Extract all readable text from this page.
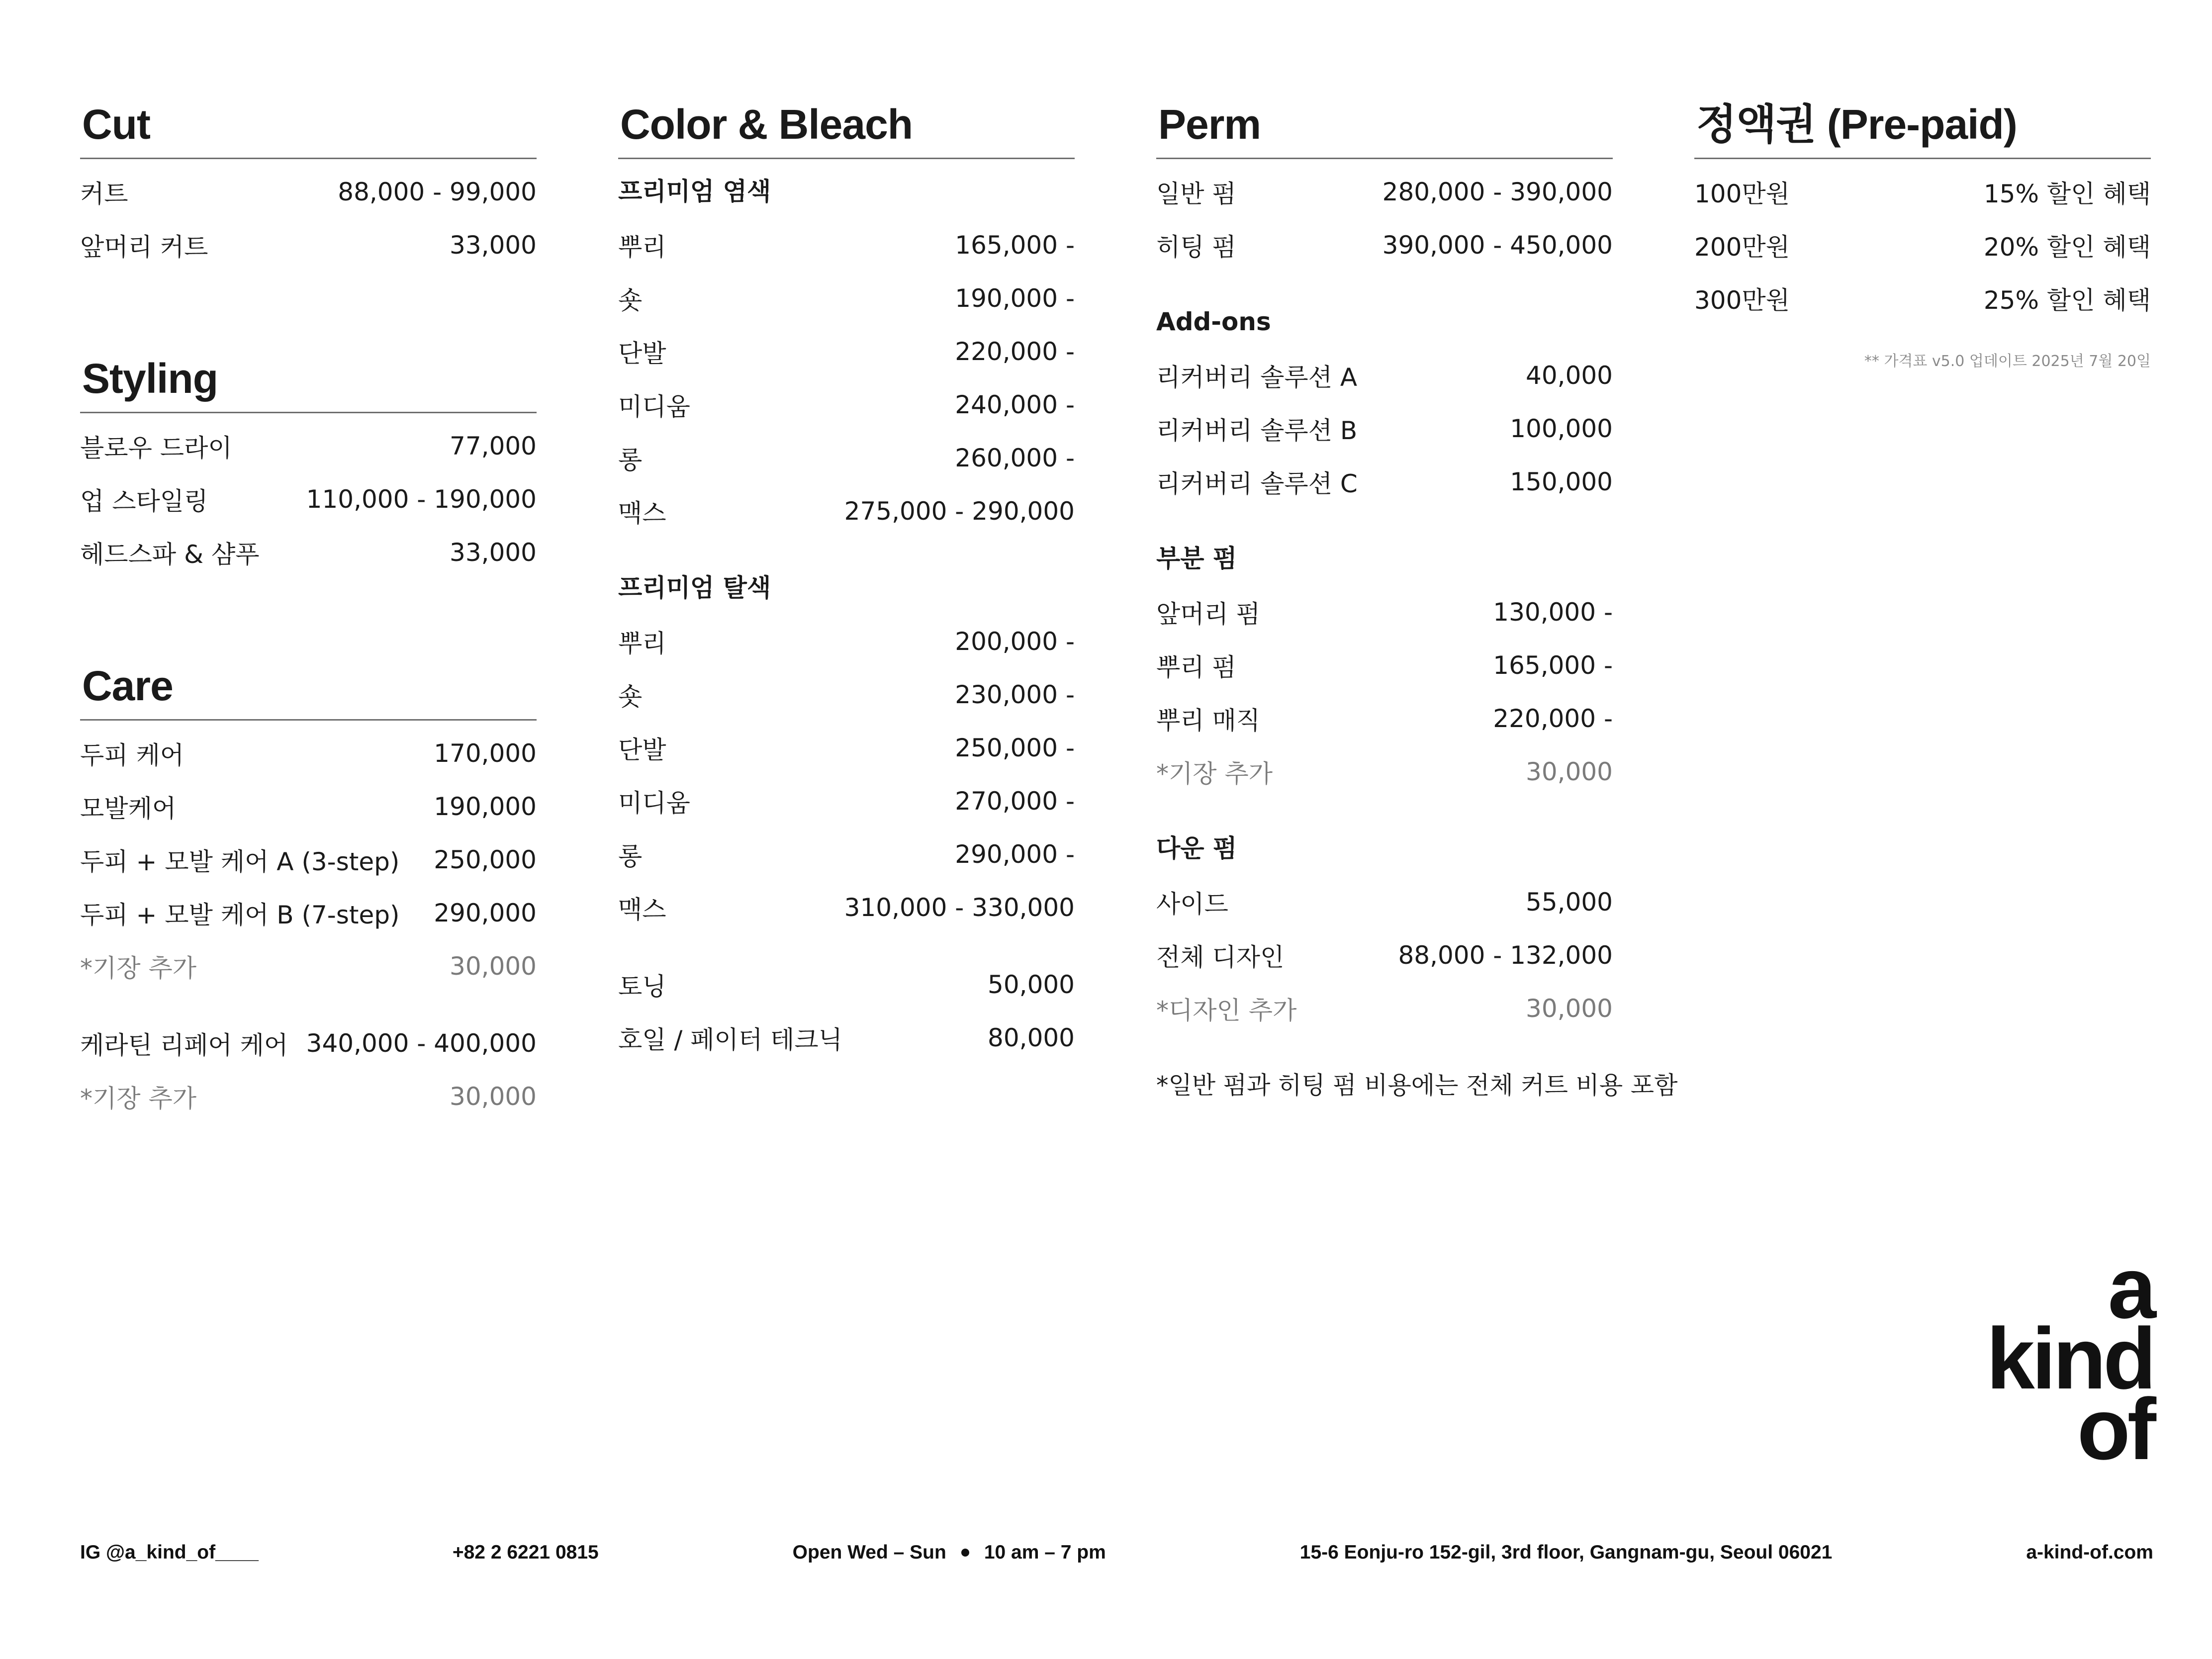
Cut
커트	88,000 - 99,000
앞머리 커트	33,000
Styling
블로우 드라이	77,000
업 스타일링	110,000 - 190,000
헤드스파 & 샴푸	33,000
Care
두피 케어	170,000
모발케어	190,000
두피 + 모발 케어 A (3-step) 250,000
두피 + 모발 케어 B (7-step) 290,000
*기장 추가	30,000
케라틴 리페어 케어 340,000 - 400,000
*기장 추가	30,000
Color & Bleach
프리미엄 염색
뿌리	165,000 -
숏	190,000 -
단발	220,000 -
미디움	240,000 -
롱	260,000 -
맥스	275,000 - 290,000
프리미엄 탈색
뿌리	200,000 -
숏	230,000 -
단발	250,000 -
미디움	270,000 -
롱	290,000 -
맥스	310,000 - 330,000
토닝	50,000
호일 / 페이터 테크닉	80,000
Perm
일반 펌	280,000 - 390,000
히팅 펌	390,000 - 450,000
Add-ons
리커버리 솔루션 A	40,000
리커버리 솔루션 B	100,000
리커버리 솔루션 C	150,000
부분 펌
앞머리 펌	130,000 -
뿌리 펌	165,000 -
뿌리 매직	220,000 -
*기장 추가	30,000
다운 펌
사이드	55,000
전체 디자인	88,000 - 132,000
*디자인 추가	30,000
*일반 펌과 히팅 펌 비용에는 전체 커트 비용 포함
정액권 (Pre-paid)
100만원	15% 할인 혜택
200만원	20% 할인 혜택
300만원	25% 할인 혜택
** 가격표 v5.0 업데이트 2025년 7월 20일
a
kind
of
IG @a_kind_of____	+82 2 6221 0815	Open Wed – Sun 10 am – 7 pm	15-6 Eonju-ro 152-gil, 3rd floor, Gangnam-gu, Seoul 06021	a-kind-of.com
